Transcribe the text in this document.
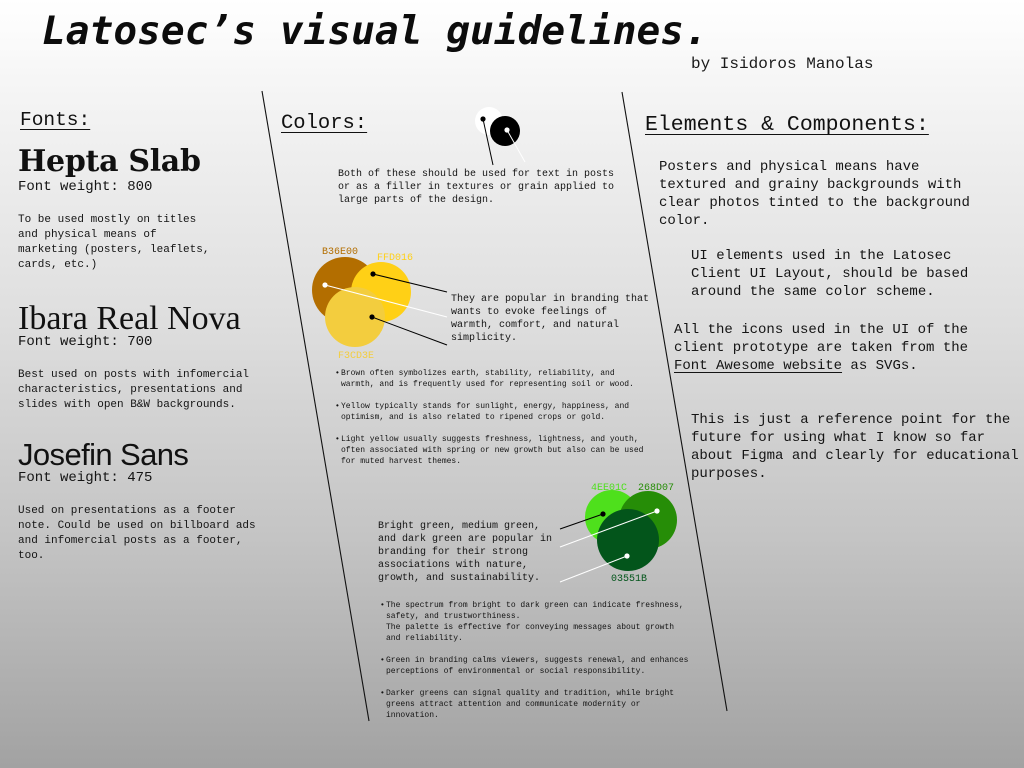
B36E00
FFD016
F3CD3E
4EE01C 268D07
03551B
Latosec’s visual guidelines.
by Isidoros Manolas
Fonts:
Hepta Slab
Font weight: 800

To be used mostly on titles
and physical means of
marketing (posters, leaflets,
cards, etc.)

Ibara Real Nova
Font weight: 700

Best used on posts with infomercial
characteristics, presentations and
slides with open B&W backgrounds.

Josefin Sans
Font weight: 475

Used on presentations as a footer
note. Could be used on billboard ads
and infomercial posts as a footer,
too.

Colors:

Both of these should be used for text in posts
or as a filler in textures or grain applied to
large parts of the design.

They are popular in branding that
wants to evoke feelings of
warmth, comfort, and natural
simplicity.

• Brown often symbolizes earth, stability, reliability, and
warmth, and is frequently used for representing soil or wood.
• Yellow typically stands for sunlight, energy, happiness, and
optimism, and is also related to ripened crops or gold.
• Light yellow usually suggests freshness, lightness, and youth,
often associated with spring or new growth but also can be used
for muted harvest themes.

Bright green, medium green,
and dark green are popular in
branding for their strong
associations with nature,
growth, and sustainability.

• The spectrum from bright to dark green can indicate freshness,
safety, and trustworthiness.
The palette is effective for conveying messages about growth
and reliability.
• Green in branding calms viewers, suggests renewal, and enhances
perceptions of environmental or social responsibility.
• Darker greens can signal quality and tradition, while bright
greens attract attention and communicate modernity or
innovation.
Elements & Components:

Posters and physical means have
textured and grainy backgrounds with
clear photos tinted to the background
color.

UI elements used in the Latosec
Client UI Layout, should be based
around the same color scheme.

All the icons used in the UI of the
client prototype are taken from the
Font Awesome website as SVGs.

This is just a reference point for the
future for using what I know so far
about Figma and clearly for educational
purposes.
